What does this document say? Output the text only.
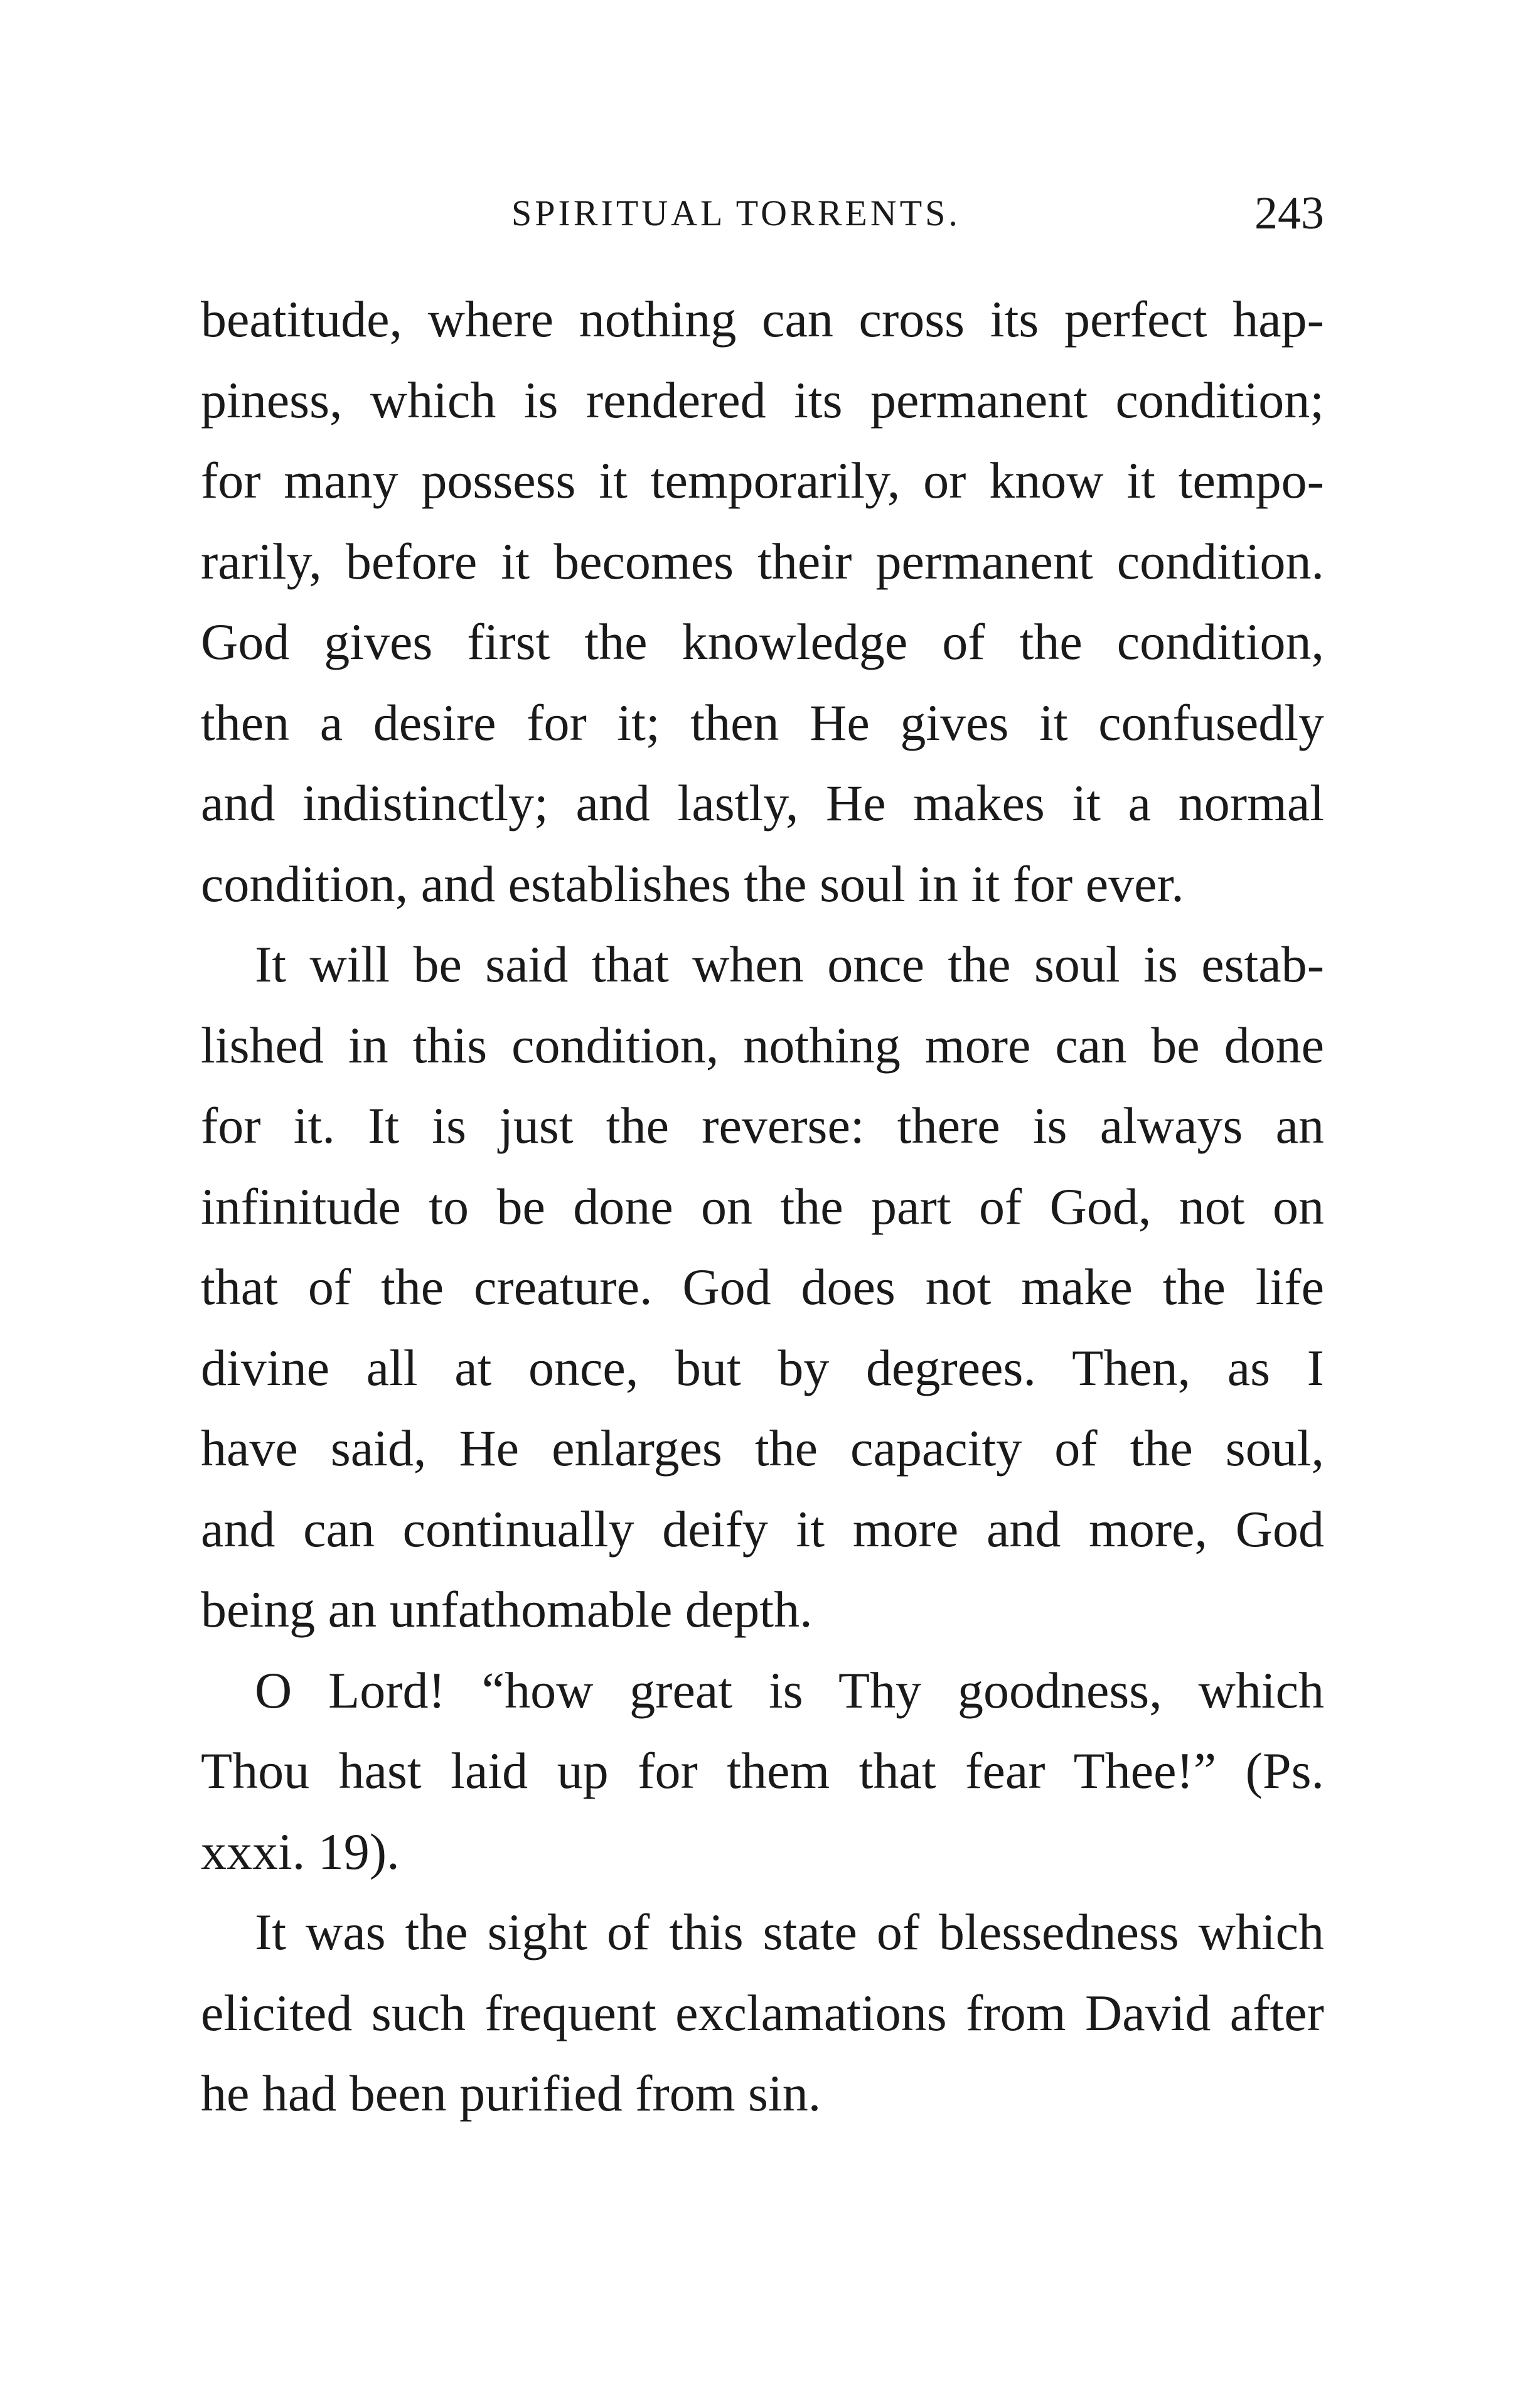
SPIRITUAL TORRENTS.	243
beatitude, where nothing can cross its perfect hap-
piness, which is rendered its permanent condition;
for many possess it temporarily, or know it tempo-
rarily, before it becomes their permanent condition.
God gives first the knowledge of the condition,
then a desire for it; then He gives it confusedly
and indistinctly; and lastly, He makes it a normal
condition, and establishes the soul in it for ever.
It will be said that when once the soul is estab-
lished in this condition, nothing more can be done
for it. It is just the reverse: there is always an
infinitude to be done on the part of God, not on
that of the creature. God does not make the life
divine all at once, but by degrees. Then, as I
have said, He enlarges the capacity of the soul,
and can continually deify it more and more, God
being an unfathomable depth.
O Lord! “how great is Thy goodness, which
Thou hast laid up for them that fear Thee!” (Ps.
xxxi. 19).
It was the sight of this state of blessedness which
elicited such frequent exclamations from David after
he had been purified from sin.
